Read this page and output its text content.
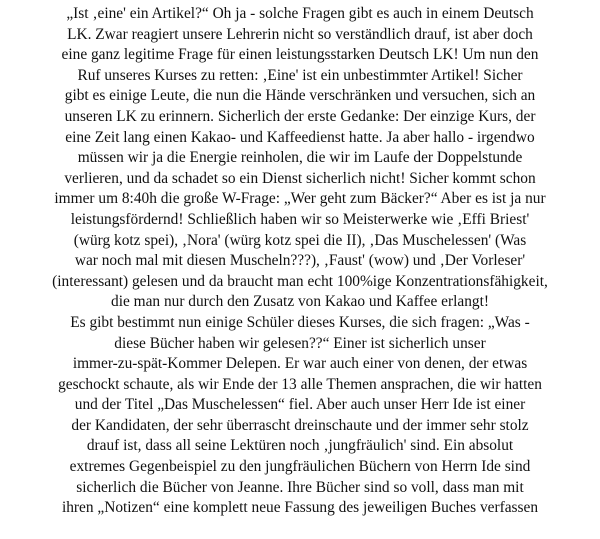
„Ist ‚eine' ein Artikel?“ Oh ja - solche Fragen gibt es auch in einem Deutsch
LK. Zwar reagiert unsere Lehrerin nicht so verständlich drauf, ist aber doch
eine ganz legitime Frage für einen leistungsstarken Deutsch LK! Um nun den
Ruf unseres Kurses zu retten: ‚Eine' ist ein unbestimmter Artikel! Sicher
gibt es einige Leute, die nun die Hände verschränken und versuchen, sich an
unseren LK zu erinnern. Sicherlich der erste Gedanke: Der einzige Kurs, der
eine Zeit lang einen Kakao- und Kaffeedienst hatte. Ja aber hallo - irgendwo
müssen wir ja die Energie reinholen, die wir im Laufe der Doppelstunde
verlieren, und da schadet so ein Dienst sicherlich nicht! Sicher kommt schon
immer um 8:40h die große W-Frage: „Wer geht zum Bäcker?“ Aber es ist ja nur
leistungsfördernd! Schließlich haben wir so Meisterwerke wie ‚Effi Briest'
(würg kotz spei), ‚Nora' (würg kotz spei die II), ‚Das Muschelessen' (Was
war noch mal mit diesen Muscheln???), ‚Faust' (wow) und ‚Der Vorleser'
(interessant) gelesen und da braucht man echt 100%ige Konzentrationsfähigkeit,
die man nur durch den Zusatz von Kakao und Kaffee erlangt!
Es gibt bestimmt nun einige Schüler dieses Kurses, die sich fragen: „Was -
diese Bücher haben wir gelesen??“ Einer ist sicherlich unser
immer-zu-spät-Kommer Delepen. Er war auch einer von denen, der etwas
geschockt schaute, als wir Ende der 13 alle Themen ansprachen, die wir hatten
und der Titel „Das Muschelessen“ fiel. Aber auch unser Herr Ide ist einer
der Kandidaten, der sehr überrascht dreinschaute und der immer sehr stolz
drauf ist, dass all seine Lektüren noch ‚jungfräulich' sind. Ein absolut
extremes Gegenbeispiel zu den jungfräulichen Büchern von Herrn Ide sind
sicherlich die Bücher von Jeanne. Ihre Bücher sind so voll, dass man mit
ihren „Notizen“ eine komplett neue Fassung des jeweiligen Buches verfassen
